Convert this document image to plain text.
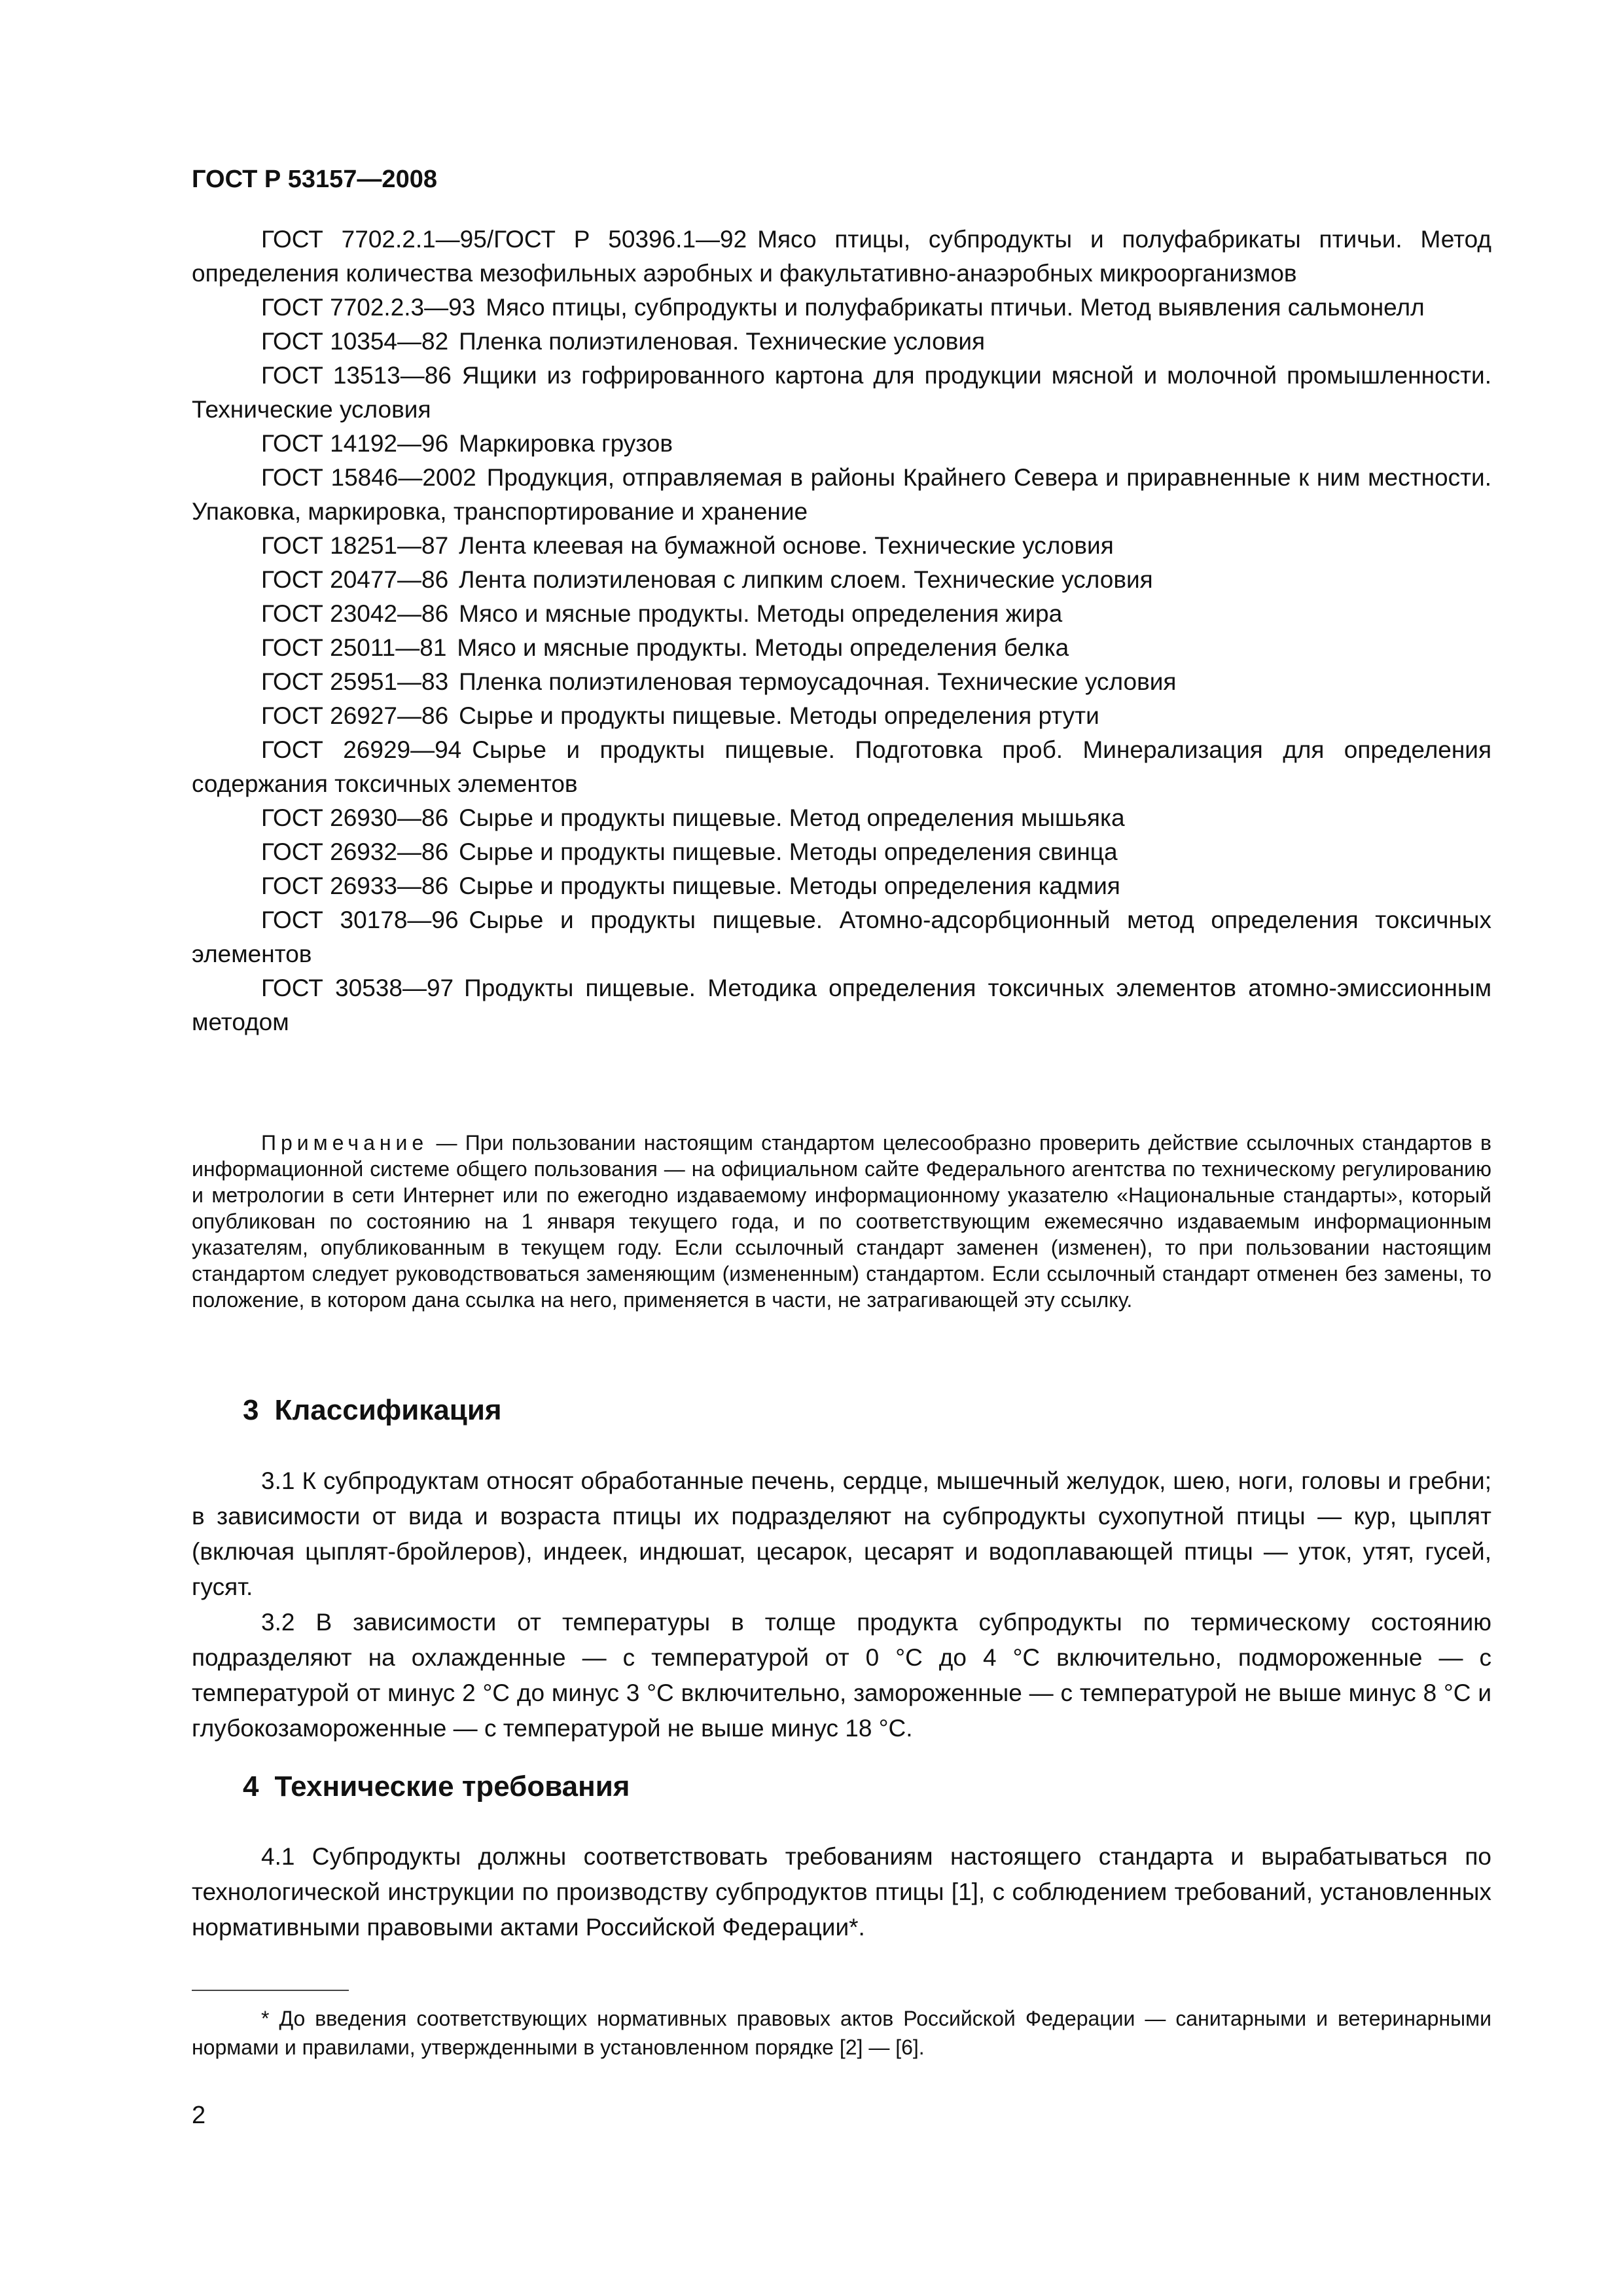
ГОСТ Р 53157—2008

ГОСТ 7702.2.1—95/ГОСТ Р 50396.1—92 Мясо птицы, субпродукты и полуфабрикаты птичьи. Метод определения количества мезофильных аэробных и факультативно-анаэробных микроорганизмов

ГОСТ 7702.2.3—93 Мясо птицы, субпродукты и полуфабрикаты птичьи. Метод выявления сальмонелл

ГОСТ 10354—82 Пленка полиэтиленовая. Технические условия

ГОСТ 13513—86 Ящики из гофрированного картона для продукции мясной и молочной промышленности. Технические условия

ГОСТ 14192—96 Маркировка грузов

ГОСТ 15846—2002 Продукция, отправляемая в районы Крайнего Севера и приравненные к ним местности. Упаковка, маркировка, транспортирование и хранение

ГОСТ 18251—87 Лента клеевая на бумажной основе. Технические условия

ГОСТ 20477—86 Лента полиэтиленовая с липким слоем. Технические условия

ГОСТ 23042—86 Мясо и мясные продукты. Методы определения жира

ГОСТ 25011—81 Мясо и мясные продукты. Методы определения белка

ГОСТ 25951—83 Пленка полиэтиленовая термоусадочная. Технические условия

ГОСТ 26927—86 Сырье и продукты пищевые. Методы определения ртути

ГОСТ 26929—94 Сырье и продукты пищевые. Подготовка проб. Минерализация для определения содержания токсичных элементов

ГОСТ 26930—86 Сырье и продукты пищевые. Метод определения мышьяка

ГОСТ 26932—86 Сырье и продукты пищевые. Методы определения свинца

ГОСТ 26933—86 Сырье и продукты пищевые. Методы определения кадмия

ГОСТ 30178—96 Сырье и продукты пищевые. Атомно-адсорбционный метод определения токсичных элементов

ГОСТ 30538—97 Продукты пищевые. Методика определения токсичных элементов атомно-эмиссионным методом

Примечание — При пользовании настоящим стандартом целесообразно проверить действие ссылочных стандартов в информационной системе общего пользования — на официальном сайте Федерального агентства по техническому регулированию и метрологии в сети Интернет или по ежегодно издаваемому информационному указателю «Национальные стандарты», который опубликован по состоянию на 1 января текущего года, и по соответствующим ежемесячно издаваемым информационным указателям, опубликованным в текущем году. Если ссылочный стандарт заменен (изменен), то при пользовании настоящим стандартом следует руководствоваться заменяющим (измененным) стандартом. Если ссылочный стандарт отменен без замены, то положение, в котором дана ссылка на него, применяется в части, не затрагивающей эту ссылку.

3 Классификация

3.1 К субпродуктам относят обработанные печень, сердце, мышечный желудок, шею, ноги, головы и гребни; в зависимости от вида и возраста птицы их подразделяют на субпродукты сухопутной птицы — кур, цыплят (включая цыплят-бройлеров), индеек, индюшат, цесарок, цесарят и водоплавающей птицы — уток, утят, гусей, гусят.

3.2 В зависимости от температуры в толще продукта субпродукты по термическому состоянию подразделяют на охлажденные — с температурой от 0 °С до 4 °С включительно, подмороженные — с температурой от минус 2 °С до минус 3 °С включительно, замороженные — с температурой не выше минус 8 °С и глубокозамороженные — с температурой не выше минус 18 °С.

4 Технические требования

4.1 Субпродукты должны соответствовать требованиям настоящего стандарта и вырабатываться по технологической инструкции по производству субпродуктов птицы [1], с соблюдением требований, установленных нормативными правовыми актами Российской Федерации*.

* До введения соответствующих нормативных правовых актов Российской Федерации — санитарными и ветеринарными нормами и правилами, утвержденными в установленном порядке [2] — [6].

2
